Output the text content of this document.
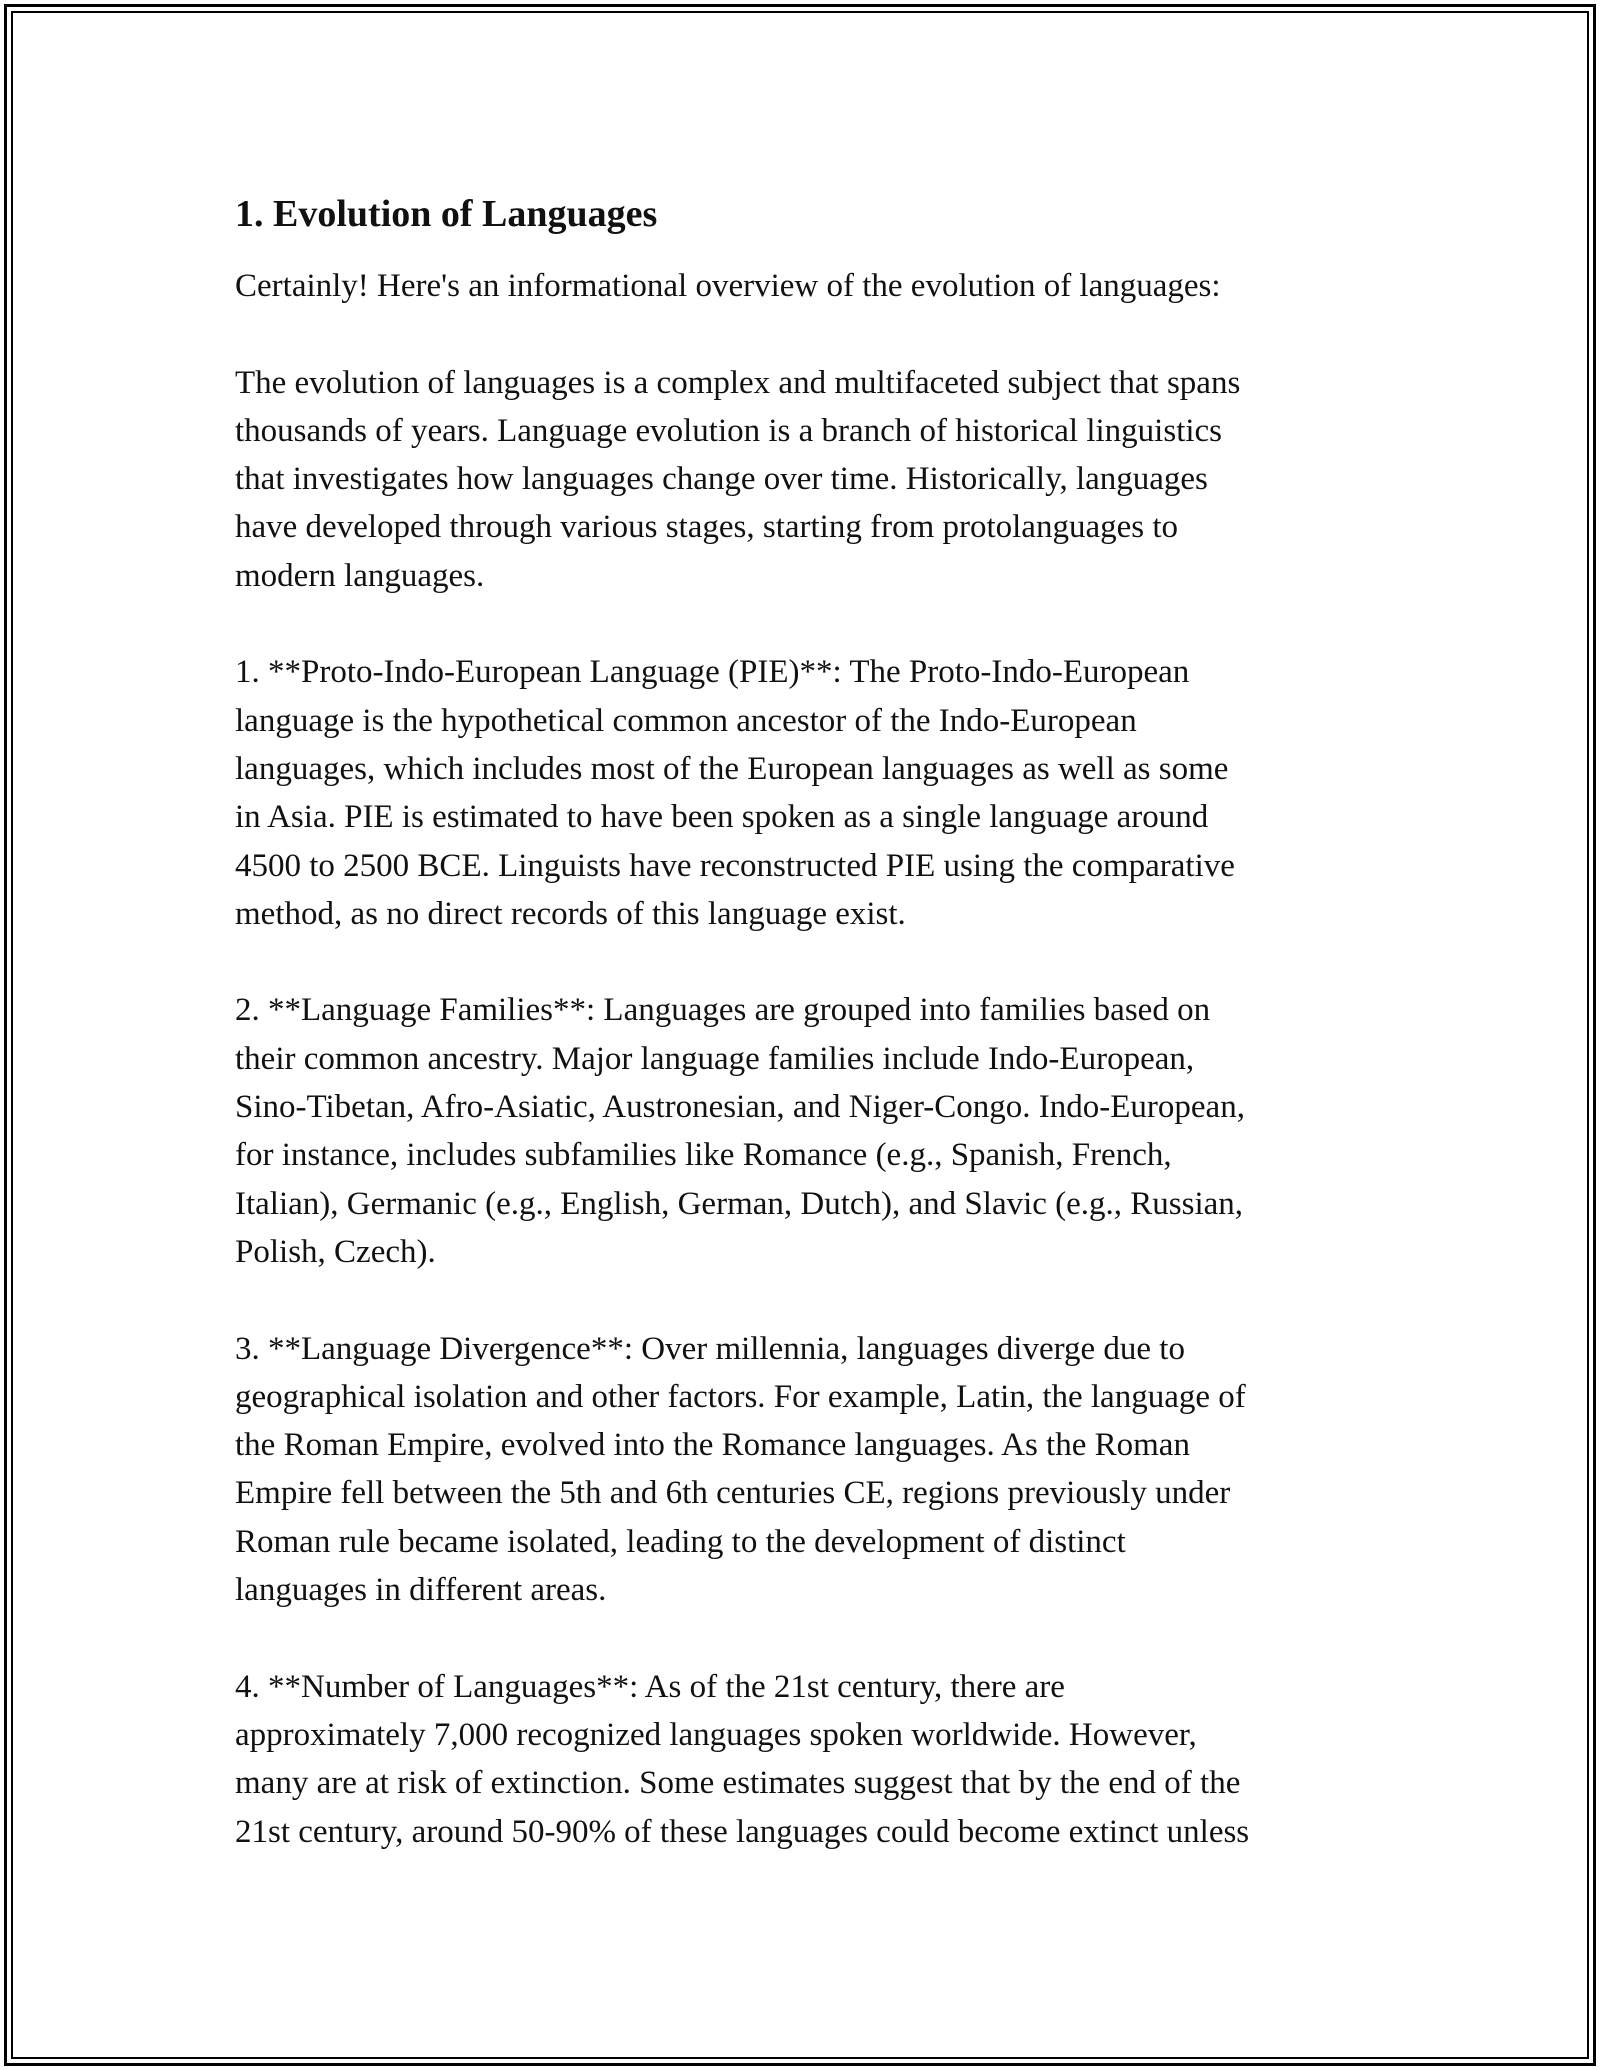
1. Evolution of Languages

Certainly! Here's an informational overview of the evolution of languages:

The evolution of languages is a complex and multifaceted subject that spans
thousands of years. Language evolution is a branch of historical linguistics
that investigates how languages change over time. Historically, languages
have developed through various stages, starting from protolanguages to
modern languages.

1. **Proto-Indo-European Language (PIE)**: The Proto-Indo-European
language is the hypothetical common ancestor of the Indo-European
languages, which includes most of the European languages as well as some
in Asia. PIE is estimated to have been spoken as a single language around
4500 to 2500 BCE. Linguists have reconstructed PIE using the comparative
method, as no direct records of this language exist.

2. **Language Families**: Languages are grouped into families based on
their common ancestry. Major language families include Indo-European,
Sino-Tibetan, Afro-Asiatic, Austronesian, and Niger-Congo. Indo-European,
for instance, includes subfamilies like Romance (e.g., Spanish, French,
Italian), Germanic (e.g., English, German, Dutch), and Slavic (e.g., Russian,
Polish, Czech).

3. **Language Divergence**: Over millennia, languages diverge due to
geographical isolation and other factors. For example, Latin, the language of
the Roman Empire, evolved into the Romance languages. As the Roman
Empire fell between the 5th and 6th centuries CE, regions previously under
Roman rule became isolated, leading to the development of distinct
languages in different areas.

4. **Number of Languages**: As of the 21st century, there are
approximately 7,000 recognized languages spoken worldwide. However,
many are at risk of extinction. Some estimates suggest that by the end of the
21st century, around 50-90% of these languages could become extinct unless
